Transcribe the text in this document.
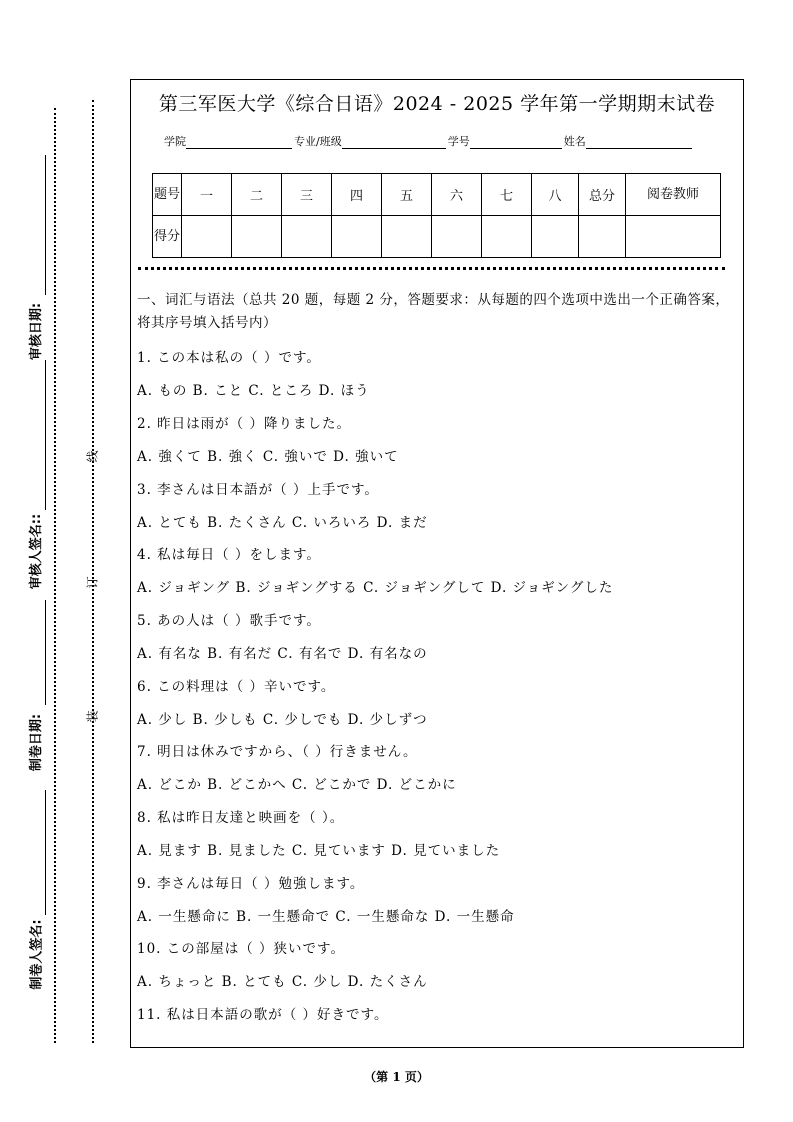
审核日期:
审核人签名::
制卷日期:
制卷人签名:
线
订
装
第三军医大学《综合日语》2024 - 2025 学年第一学期期末试卷
学院	专业/班级	学号	姓名
题号	一	二	三	四	五	六	七	八	总分	阅卷教师
得分										
一、词汇与语法（总共 20 题，每题 2 分，答题要求：从每题的四个选项中选出一个正确答案，将其序号填入括号内）
1. この本は私の（ ）です。
A. もの B. こと C. ところ D. ほう
2. 昨日は雨が（ ）降りました。
A. 強くて B. 強く C. 強いで D. 強いて
3. 李さんは日本語が（ ）上手です。
A. とても B. たくさん C. いろいろ D. まだ
4. 私は毎日（ ）をします。
A. ジョギング B. ジョギングする C. ジョギングして D. ジョギングした
5. あの人は（ ）歌手です。
A. 有名な B. 有名だ C. 有名で D. 有名なの
6. この料理は（ ）辛いです。
A. 少し B. 少しも C. 少しでも D. 少しずつ
7. 明日は休みですから、（ ）行きません。
A. どこか B. どこかへ C. どこかで D. どこかに
8. 私は昨日友達と映画を（ ）。
A. 見ます B. 見ました C. 見ています D. 見ていました
9. 李さんは毎日（ ）勉強します。
A. 一生懸命に B. 一生懸命で C. 一生懸命な D. 一生懸命
10. この部屋は（ ）狭いです。
A. ちょっと B. とても C. 少し D. たくさん
11. 私は日本語の歌が（ ）好きです。
（第 1 页）
